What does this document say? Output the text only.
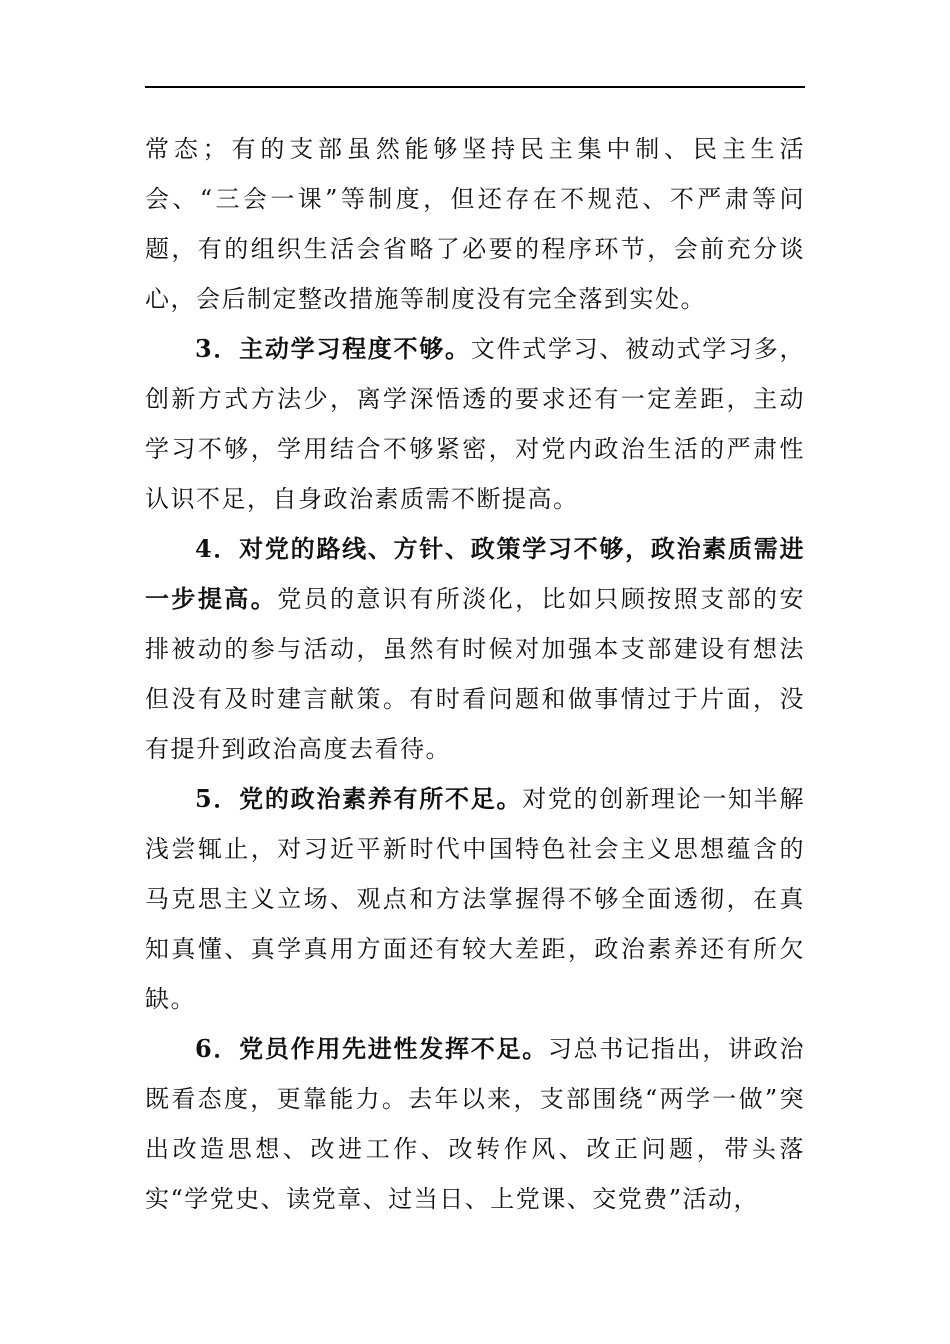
常态；有的支部虽然能够坚持民主集中制、民主生活会、“三会一课”等制度，但还存在不规范、不严肃等问题，有的组织生活会省略了必要的程序环节，会前充分谈心，会后制定整改措施等制度没有完全落到实处。

3．主动学习程度不够。文件式学习、被动式学习多，创新方式方法少，离学深悟透的要求还有一定差距，主动学习不够，学用结合不够紧密，对党内政治生活的严肃性认识不足，自身政治素质需不断提高。

4．对党的路线、方针、政策学习不够，政治素质需进一步提高。党员的意识有所淡化，比如只顾按照支部的安排被动的参与活动，虽然有时候对加强本支部建设有想法但没有及时建言献策。有时看问题和做事情过于片面，没有提升到政治高度去看待。

5．党的政治素养有所不足。对党的创新理论一知半解浅尝辄止，对习近平新时代中国特色社会主义思想蕴含的马克思主义立场、观点和方法掌握得不够全面透彻，在真知真懂、真学真用方面还有较大差距，政治素养还有所欠缺。

6．党员作用先进性发挥不足。习总书记指出，讲政治既看态度，更靠能力。去年以来，支部围绕“两学一做”突出改造思想、改进工作、改转作风、改正问题，带头落实“学党史、读党章、过当日、上党课、交党费”活动，
